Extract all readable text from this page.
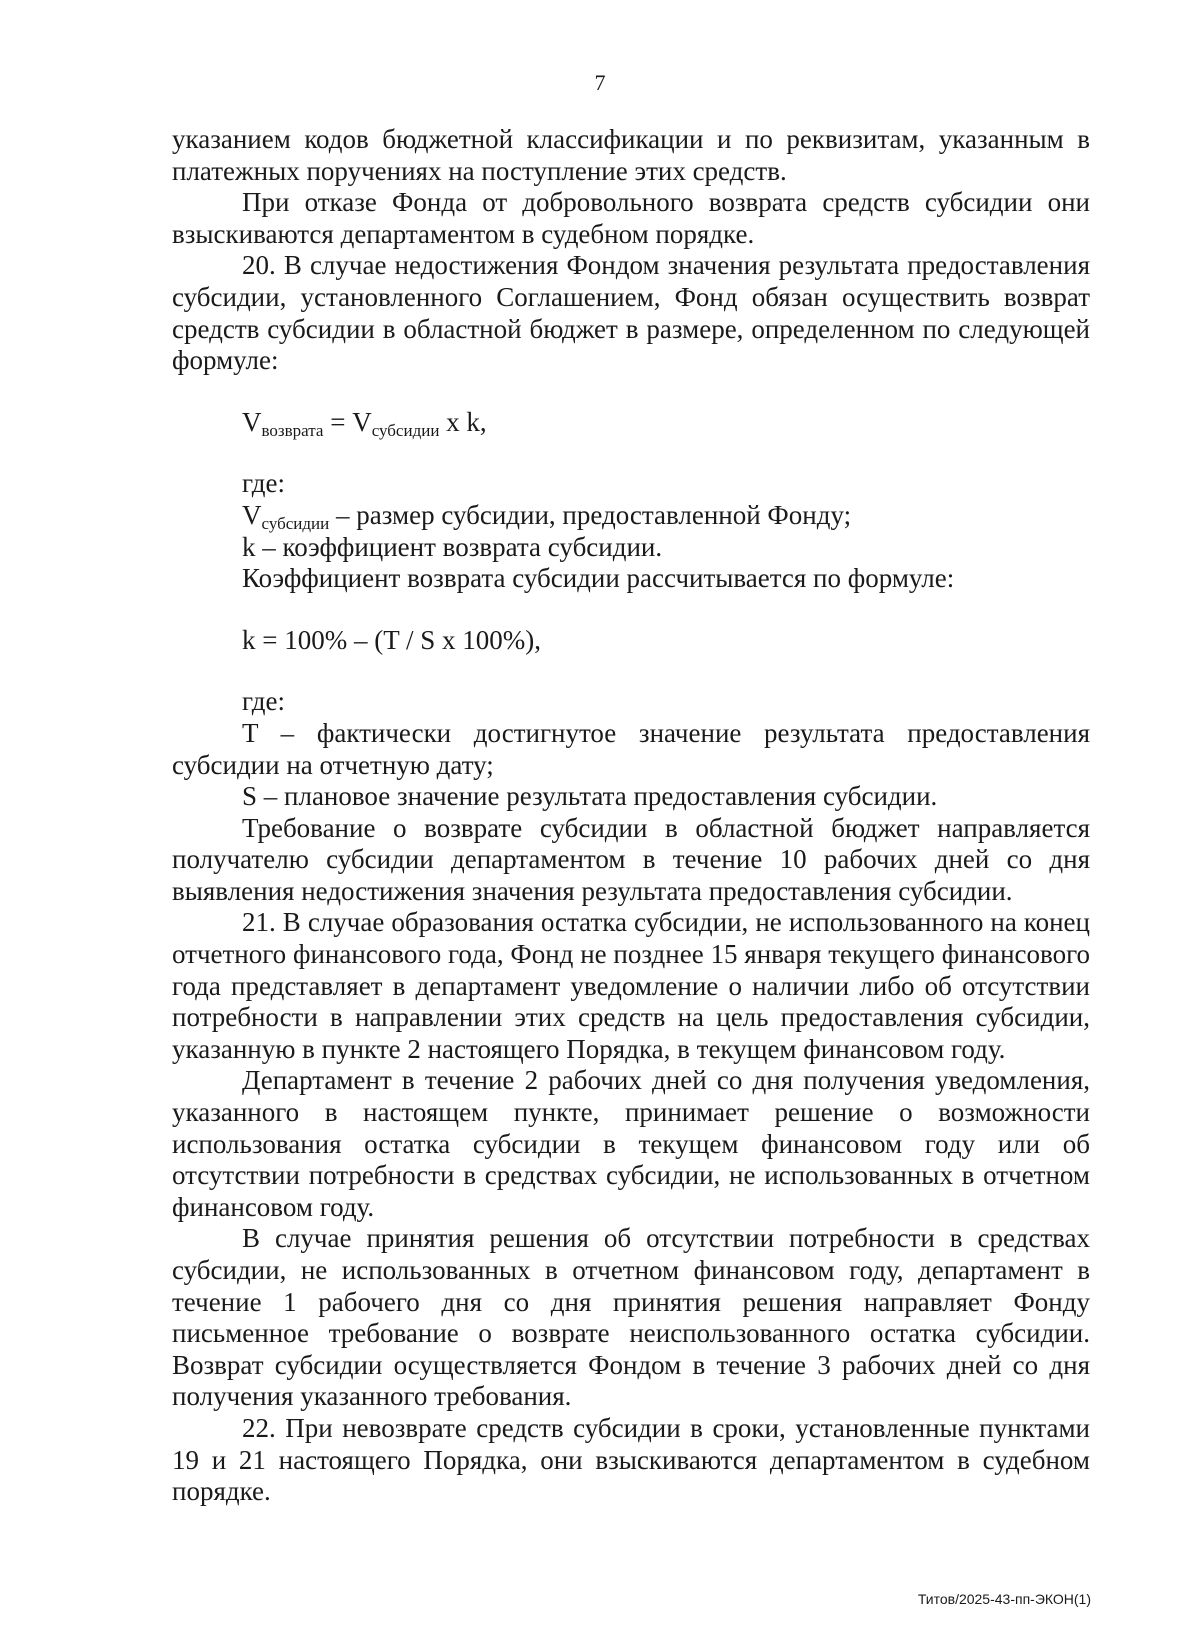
7

указанием кодов бюджетной классификации и по реквизитам, указанным в платежных поручениях на поступление этих средств.

При отказе Фонда от добровольного возврата средств субсидии они взыскиваются департаментом в судебном порядке.

20. В случае недостижения Фондом значения результата предоставления субсидии, установленного Соглашением, Фонд обязан осуществить возврат средств субсидии в областной бюджет в размере, определенном по следующей формуле:

$V_{возврата} = V_{субсидии}$ x k,

где:

$V_{субсидии}$ – размер субсидии, предоставленной Фонду;

k – коэффициент возврата субсидии.

Коэффициент возврата субсидии рассчитывается по формуле:

k = 100% – (T / S x 100%),

где:

T – фактически достигнутое значение результата предоставления субсидии на отчетную дату;

S – плановое значение результата предоставления субсидии.

Требование о возврате субсидии в областной бюджет направляется получателю субсидии департаментом в течение 10 рабочих дней со дня выявления недостижения значения результата предоставления субсидии.

21. В случае образования остатка субсидии, не использованного на конец отчетного финансового года, Фонд не позднее 15 января текущего финансового года представляет в департамент уведомление о наличии либо об отсутствии потребности в направлении этих средств на цель предоставления субсидии, указанную в пункте 2 настоящего Порядка, в текущем финансовом году.

Департамент в течение 2 рабочих дней со дня получения уведомления, указанного в настоящем пункте, принимает решение о возможности использования остатка субсидии в текущем финансовом году или об отсутствии потребности в средствах субсидии, не использованных в отчетном финансовом году.

В случае принятия решения об отсутствии потребности в средствах субсидии, не использованных в отчетном финансовом году, департамент в течение 1 рабочего дня со дня принятия решения направляет Фонду письменное требование о возврате неиспользованного остатка субсидии. Возврат субсидии осуществляется Фондом в течение 3 рабочих дней со дня получения указанного требования.

22. При невозврате средств субсидии в сроки, установленные пунктами 19 и 21 настоящего Порядка, они взыскиваются департаментом в судебном порядке.

Титов/2025-43-пп-ЭКОН(1)
